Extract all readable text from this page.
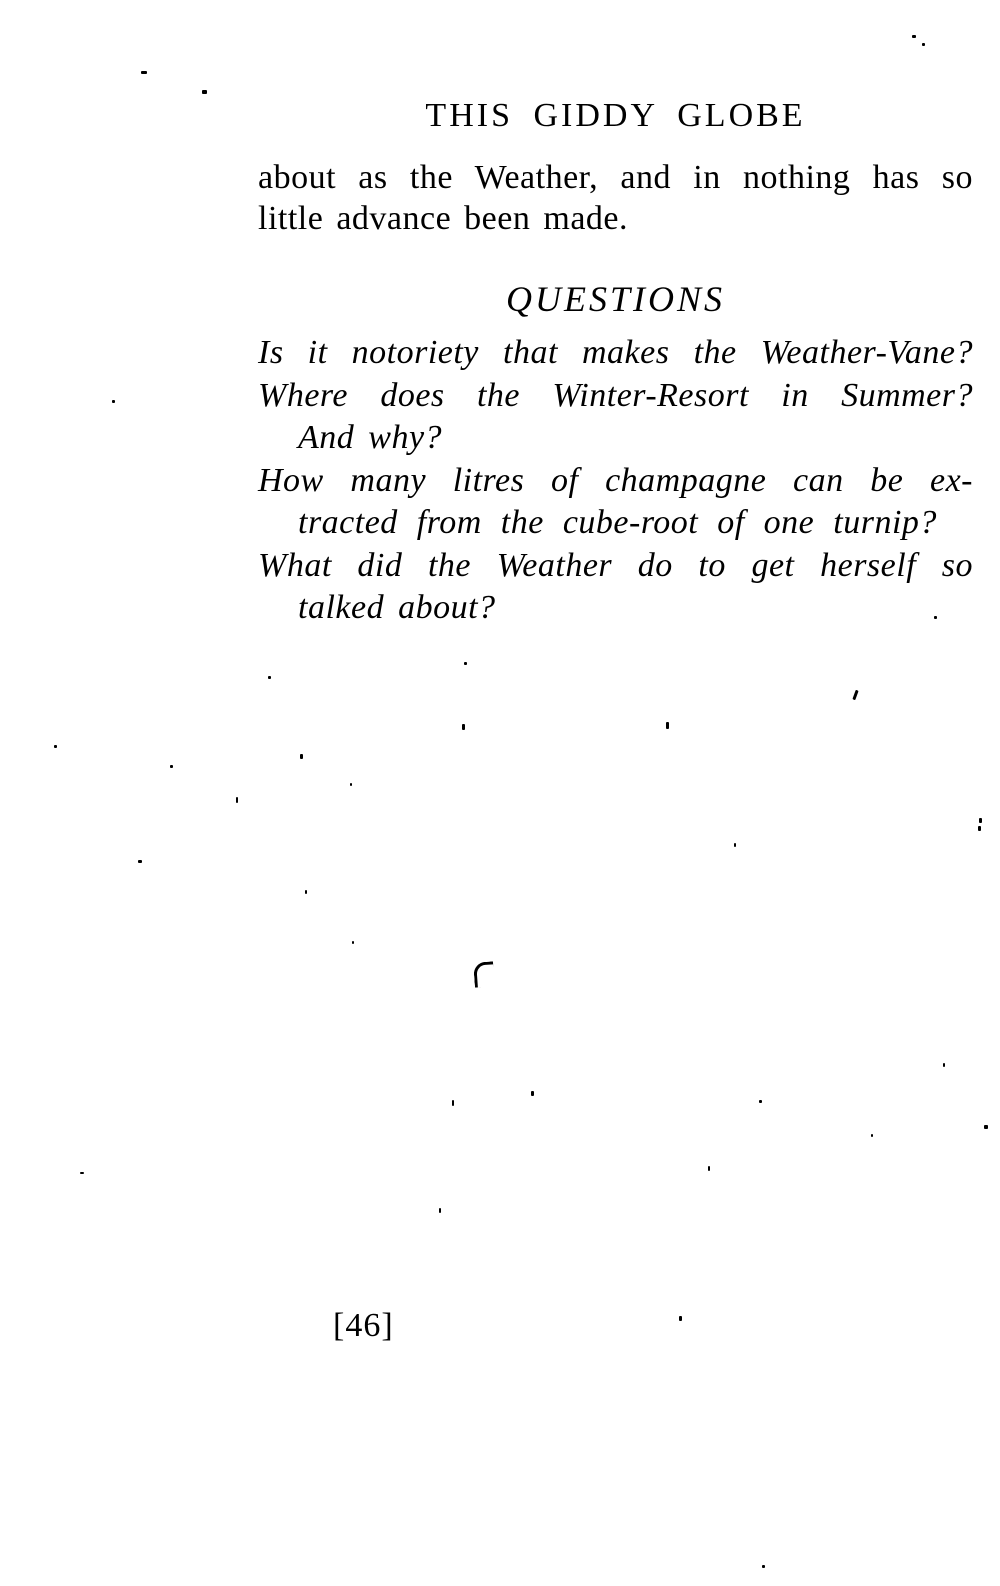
THIS GIDDY GLOBE
about as the Weather, and in nothing has so
little advance been made.
QUESTIONS
Is it notoriety that makes the Weather-Vane?
Where does the Winter-Resort in Summer?
And why?
How many litres of champagne can be ex-
tracted from the cube-root of one turnip?
What did the Weather do to get herself so
talked about?
[46]
